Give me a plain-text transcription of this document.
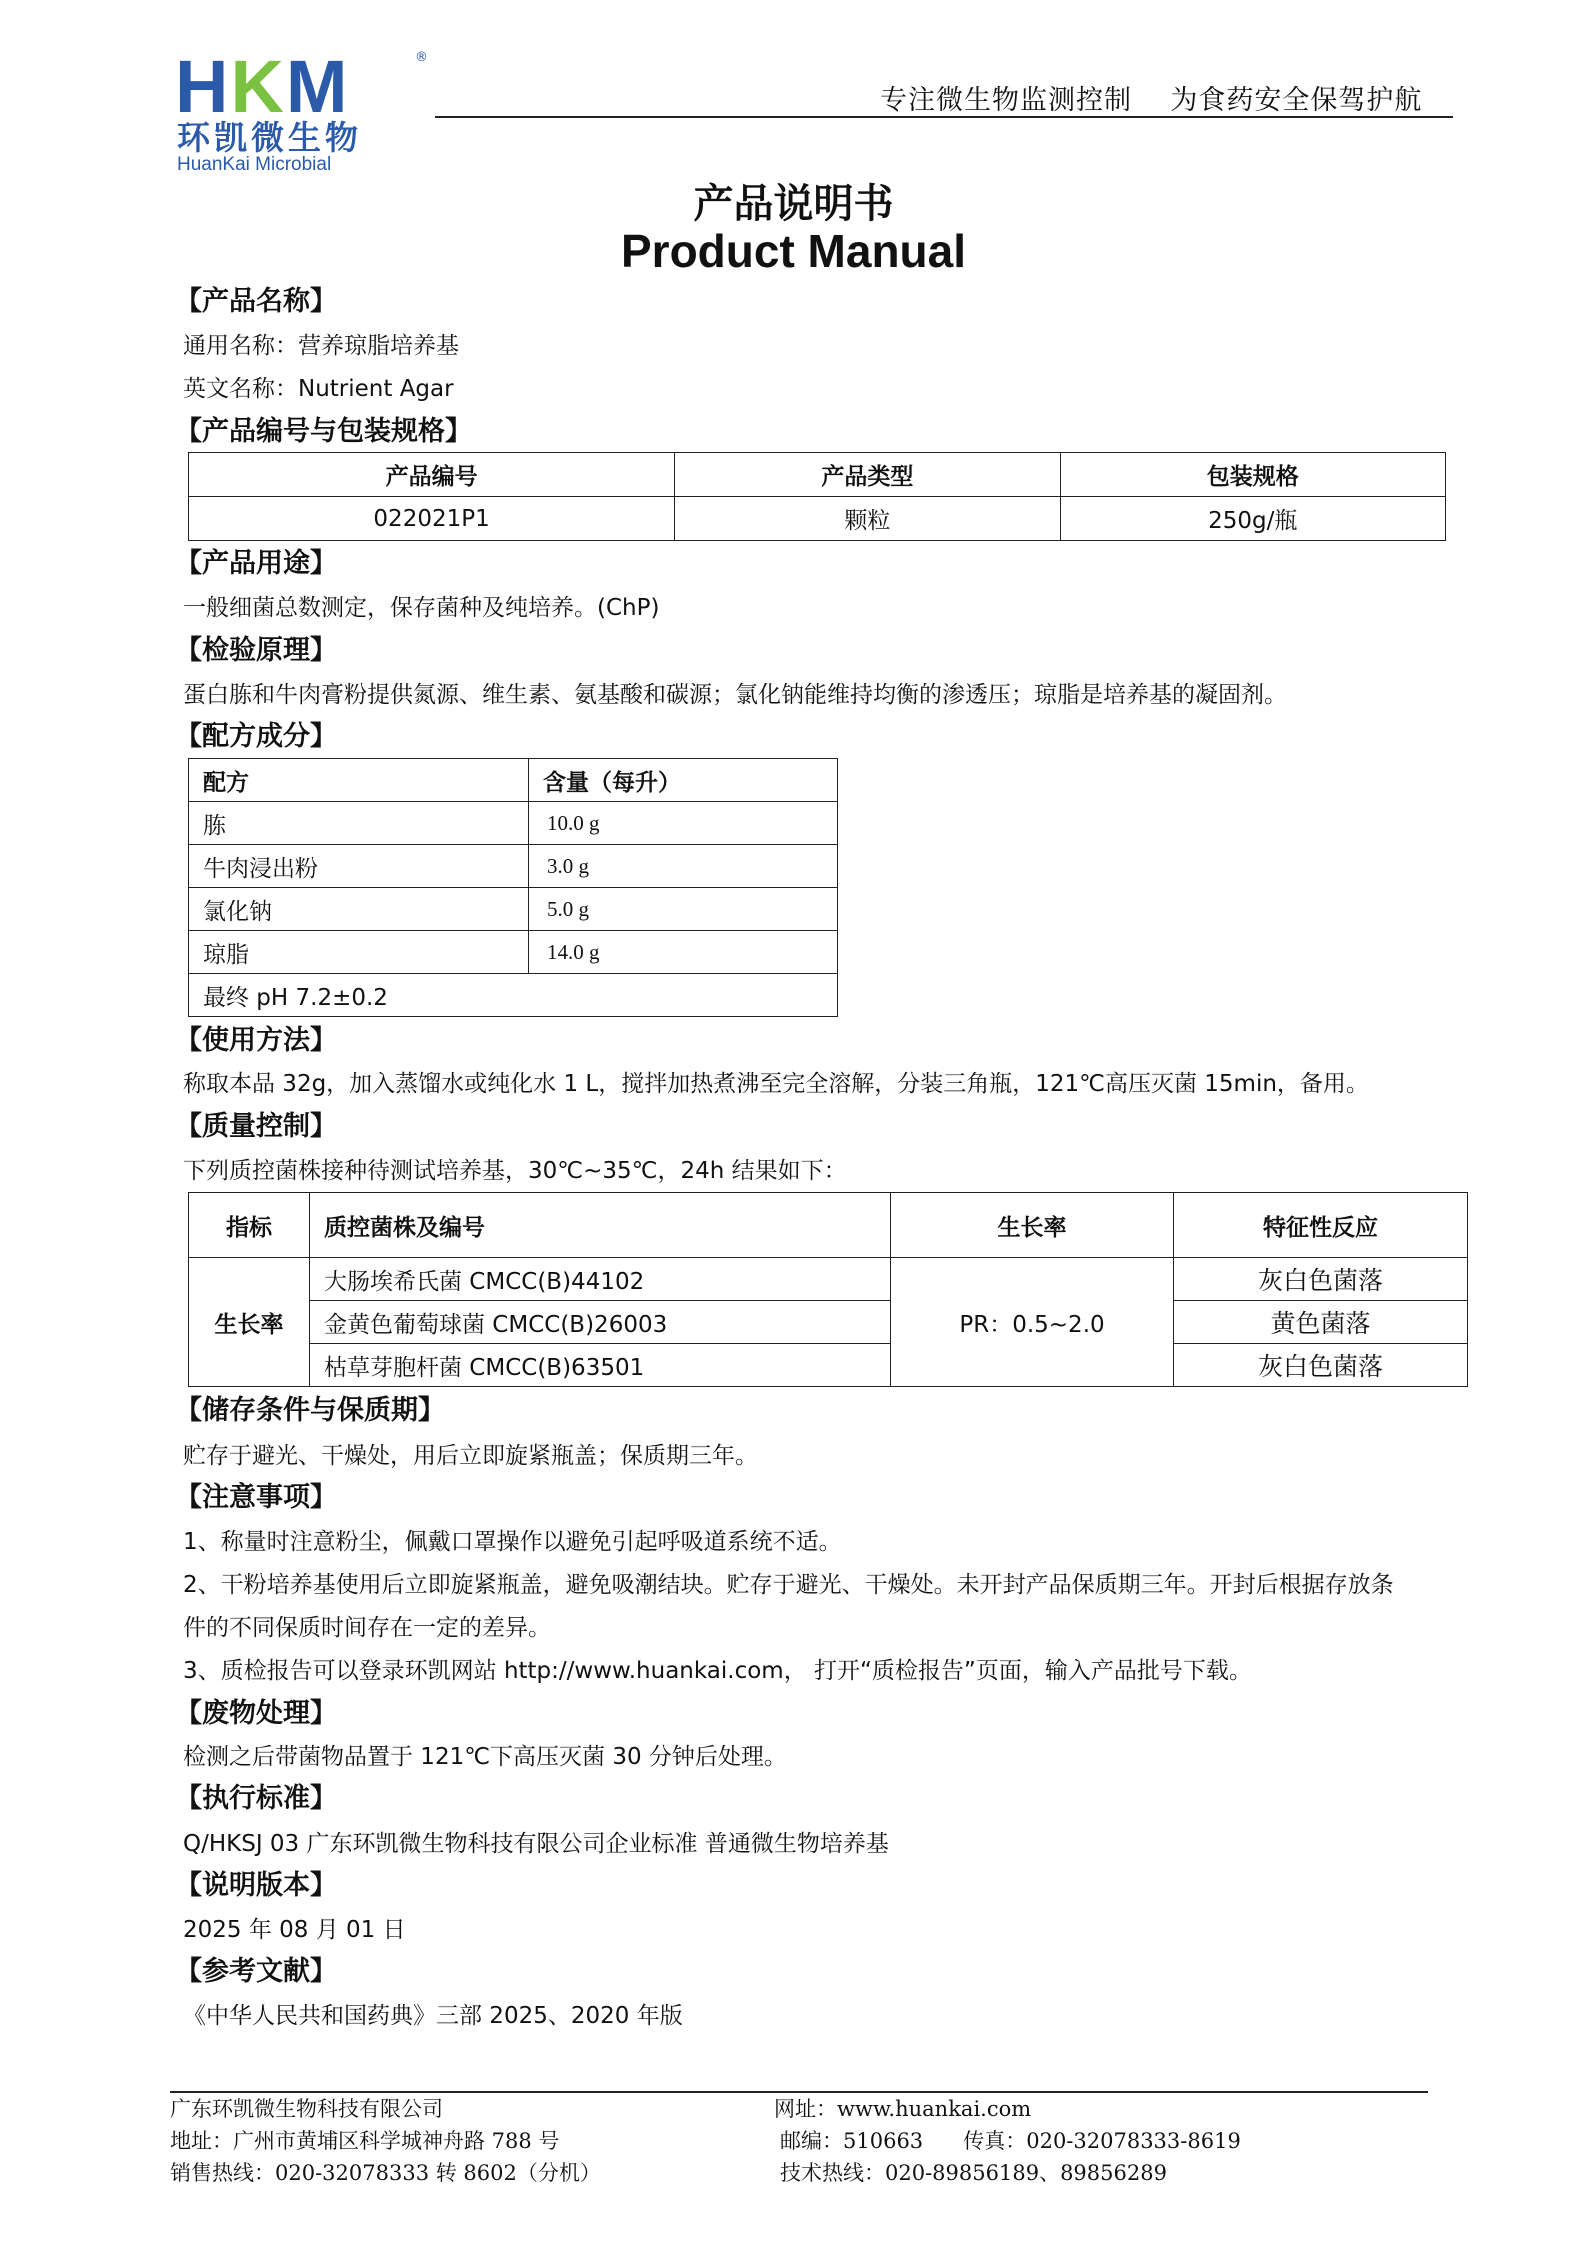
HKM	®
环凯微生物
HuanKai Microbial
专注微生物监测控制    为食药安全保驾护航
产品说明书
Product Manual
【产品名称】
通用名称：营养琼脂培养基
英文名称：Nutrient Agar
【产品编号与包装规格】
产品编号	产品类型	包装规格
022021P1	颗粒	250g/瓶
【产品用途】
一般细菌总数测定，保存菌种及纯培养。(ChP)
【检验原理】
蛋白胨和牛肉膏粉提供氮源、维生素、氨基酸和碳源；氯化钠能维持均衡的渗透压；琼脂是培养基的凝固剂。
【配方成分】
配方	含量（每升）
胨	10.0 g
牛肉浸出粉	3.0 g
氯化钠	5.0 g
琼脂	14.0 g
最终 pH 7.2±0.2	
【使用方法】
称取本品 32g，加入蒸馏水或纯化水 1 L，搅拌加热煮沸至完全溶解，分装三角瓶，121℃高压灭菌 15min，备用。
【质量控制】
下列质控菌株接种待测试培养基，30℃~35℃，24h 结果如下：
指标	质控菌株及编号	生长率	特征性反应
生长率	大肠埃希氏菌 CMCC(B)44102	PR：0.5~2.0	灰白色菌落
	金黄色葡萄球菌 CMCC(B)26003		黄色菌落
	枯草芽胞杆菌 CMCC(B)63501		灰白色菌落
【储存条件与保质期】
贮存于避光、干燥处，用后立即旋紧瓶盖；保质期三年。
【注意事项】
1、称量时注意粉尘，佩戴口罩操作以避免引起呼吸道系统不适。
2、干粉培养基使用后立即旋紧瓶盖，避免吸潮结块。贮存于避光、干燥处。未开封产品保质期三年。开封后根据存放条
件的不同保质时间存在一定的差异。
3、质检报告可以登录环凯网站 http://www.huankai.com， 打开“质检报告”页面，输入产品批号下载。
【废物处理】
检测之后带菌物品置于 121℃下高压灭菌 30 分钟后处理。
【执行标准】
Q/HKSJ 03 广东环凯微生物科技有限公司企业标准 普通微生物培养基
【说明版本】
2025 年 08 月 01 日
【参考文献】
《中华人民共和国药典》三部 2025、2020 年版
广东环凯微生物科技有限公司
地址：广州市黄埔区科学城神舟路 788 号
销售热线：020-32078333 转 8602（分机）
网址：www.huankai.com
邮编：510663      传真：020-32078333-8619
技术热线：020-89856189、89856289
